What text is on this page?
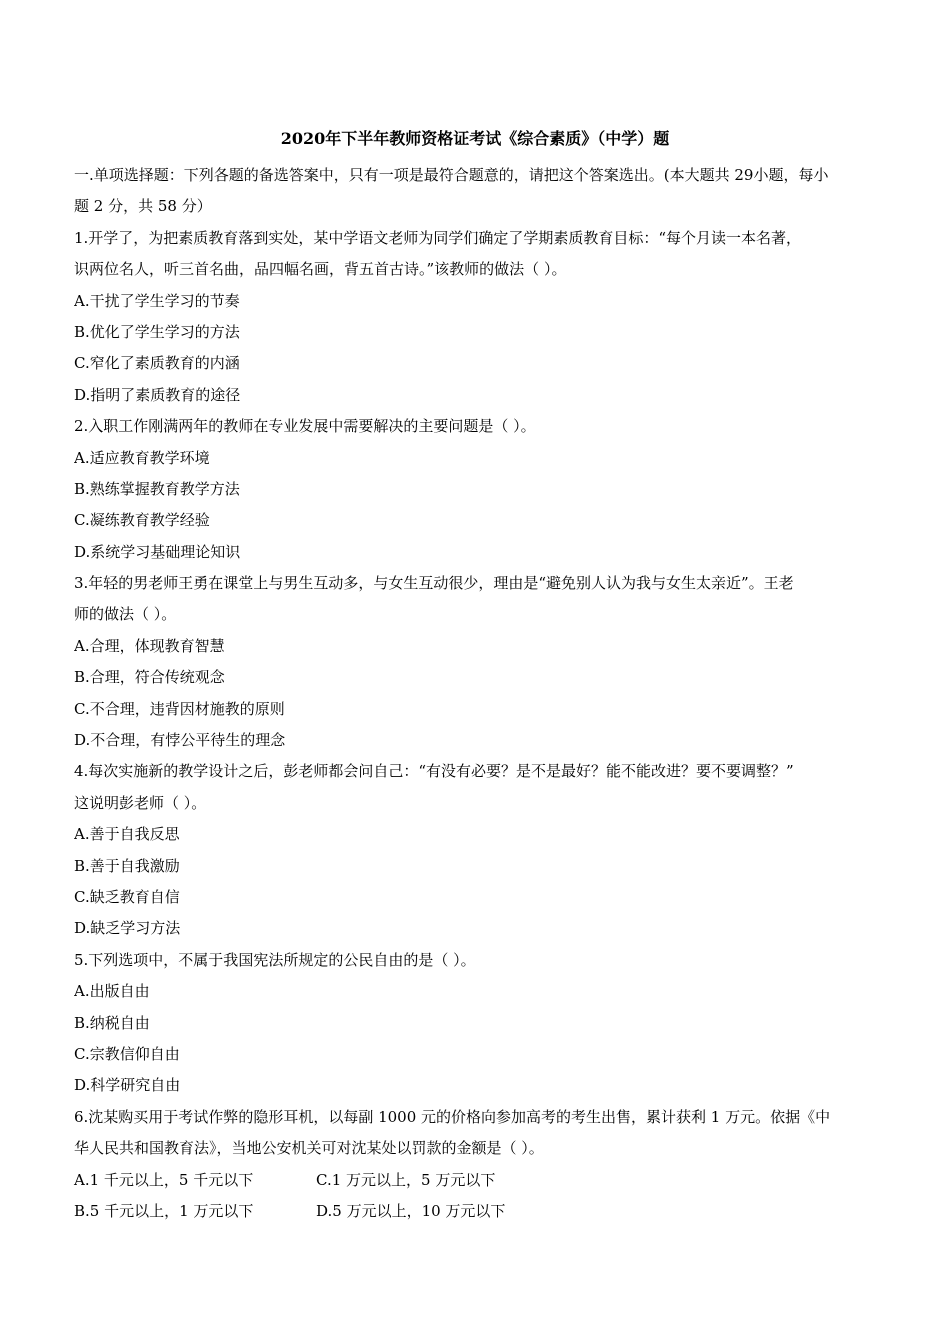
2020年下半年教师资格证考试《综合素质》（中学）题
一.单项选择题：下列各题的备选答案中，只有一项是最符合题意的，请把这个答案选出。(本大题共 29小题，每小
题 2 分，共 58 分）
1.开学了，为把素质教育落到实处，某中学语文老师为同学们确定了学期素质教育目标：“每个月读一本名著，
识两位名人，听三首名曲，品四幅名画，背五首古诗。”该教师的做法（ ）。
A.干扰了学生学习的节奏
B.优化了学生学习的方法
C.窄化了素质教育的内涵
D.指明了素质教育的途径
2.入职工作刚满两年的教师在专业发展中需要解决的主要问题是（ ）。
A.适应教育教学环境
B.熟练掌握教育教学方法
C.凝练教育教学经验
D.系统学习基础理论知识
3.年轻的男老师王勇在课堂上与男生互动多，与女生互动很少，理由是“避免别人认为我与女生太亲近”。王老
师的做法（ ）。
A.合理，体现教育智慧
B.合理，符合传统观念
C.不合理，违背因材施教的原则
D.不合理，有悖公平待生的理念
4.每次实施新的教学设计之后，彭老师都会问自己：“有没有必要？是不是最好？能不能改进？要不要调整？”
这说明彭老师（ ）。
A.善于自我反思
B.善于自我激励
C.缺乏教育自信
D.缺乏学习方法
5.下列选项中，不属于我国宪法所规定的公民自由的是（ ）。
A.出版自由
B.纳税自由
C.宗教信仰自由
D.科学研究自由
6.沈某购买用于考试作弊的隐形耳机，以每副 1000 元的价格向参加高考的考生出售，累计获利 1 万元。依据《中
华人民共和国教育法》，当地公安机关可对沈某处以罚款的金额是（ ）。
A.1 千元以上，5 千元以下	C.1 万元以上，5 万元以下
B.5 千元以上，1 万元以下	D.5 万元以上，10 万元以下
